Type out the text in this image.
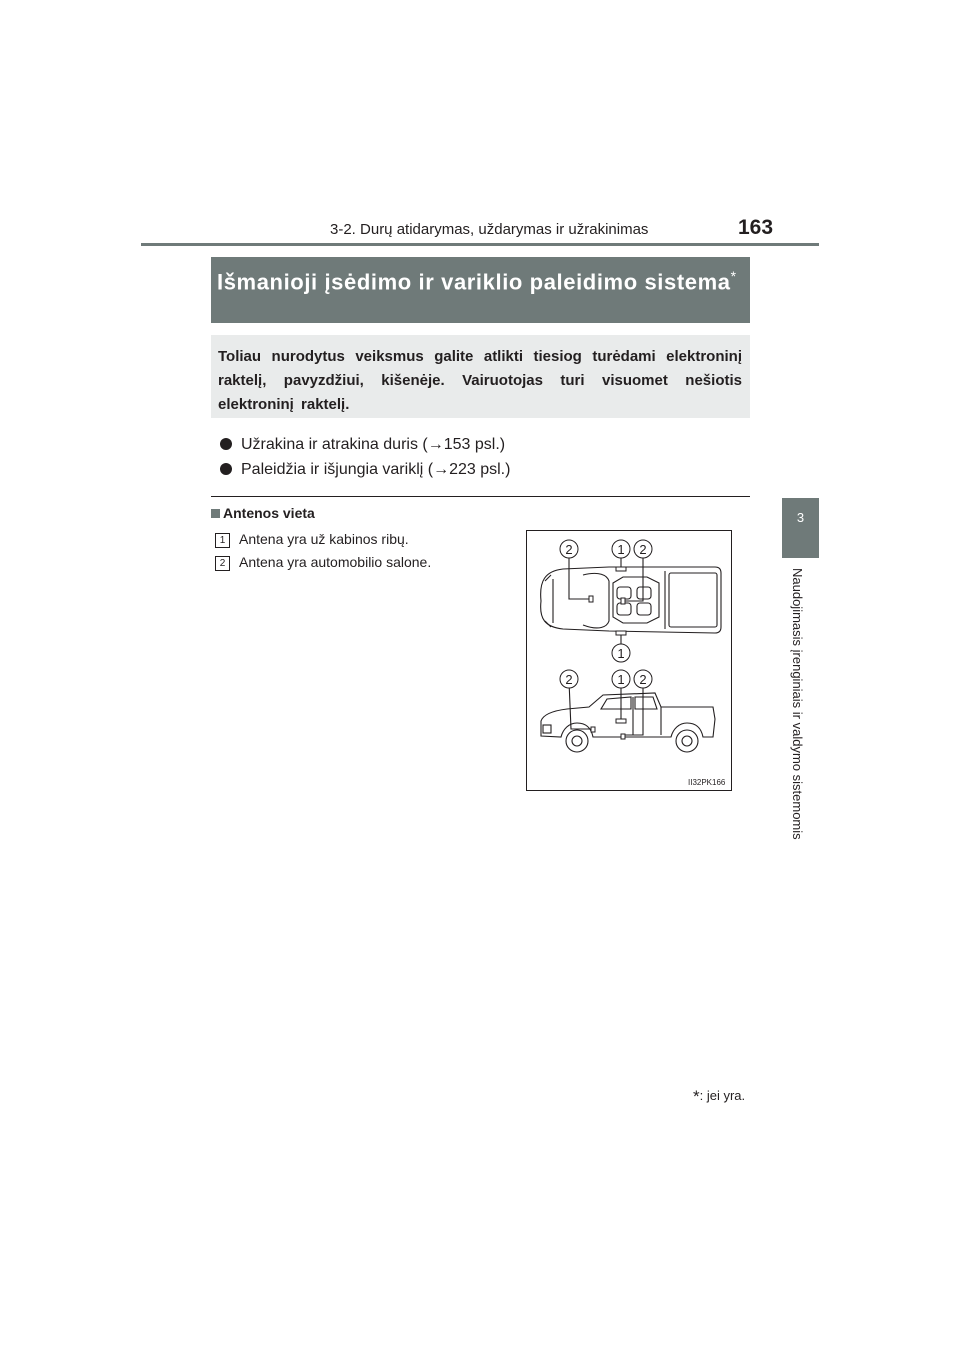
3-2. Durų atidarymas, uždarymas ir užrakinimas	163
3
Naudojimasis įrenginiais ir valdymo sistemomis
Išmanioji įsėdimo ir variklio paleidimo sistema*
Toliau nurodytus veiksmus galite atlikti tiesiog turėdami elektroninį raktelį, pavyzdžiui, kišenėje. Vairuotojas turi visuomet nešiotis elektroninį raktelį.
Užrakina ir atrakina duris (→153 psl.)
Paleidžia ir išjungia variklį (→223 psl.)
Antenos vieta
1 Antena yra už kabinos ribų.
2 Antena yra automobilio salone.
2	1 2
1
2	1 2
II32PK166
*: jei yra.
